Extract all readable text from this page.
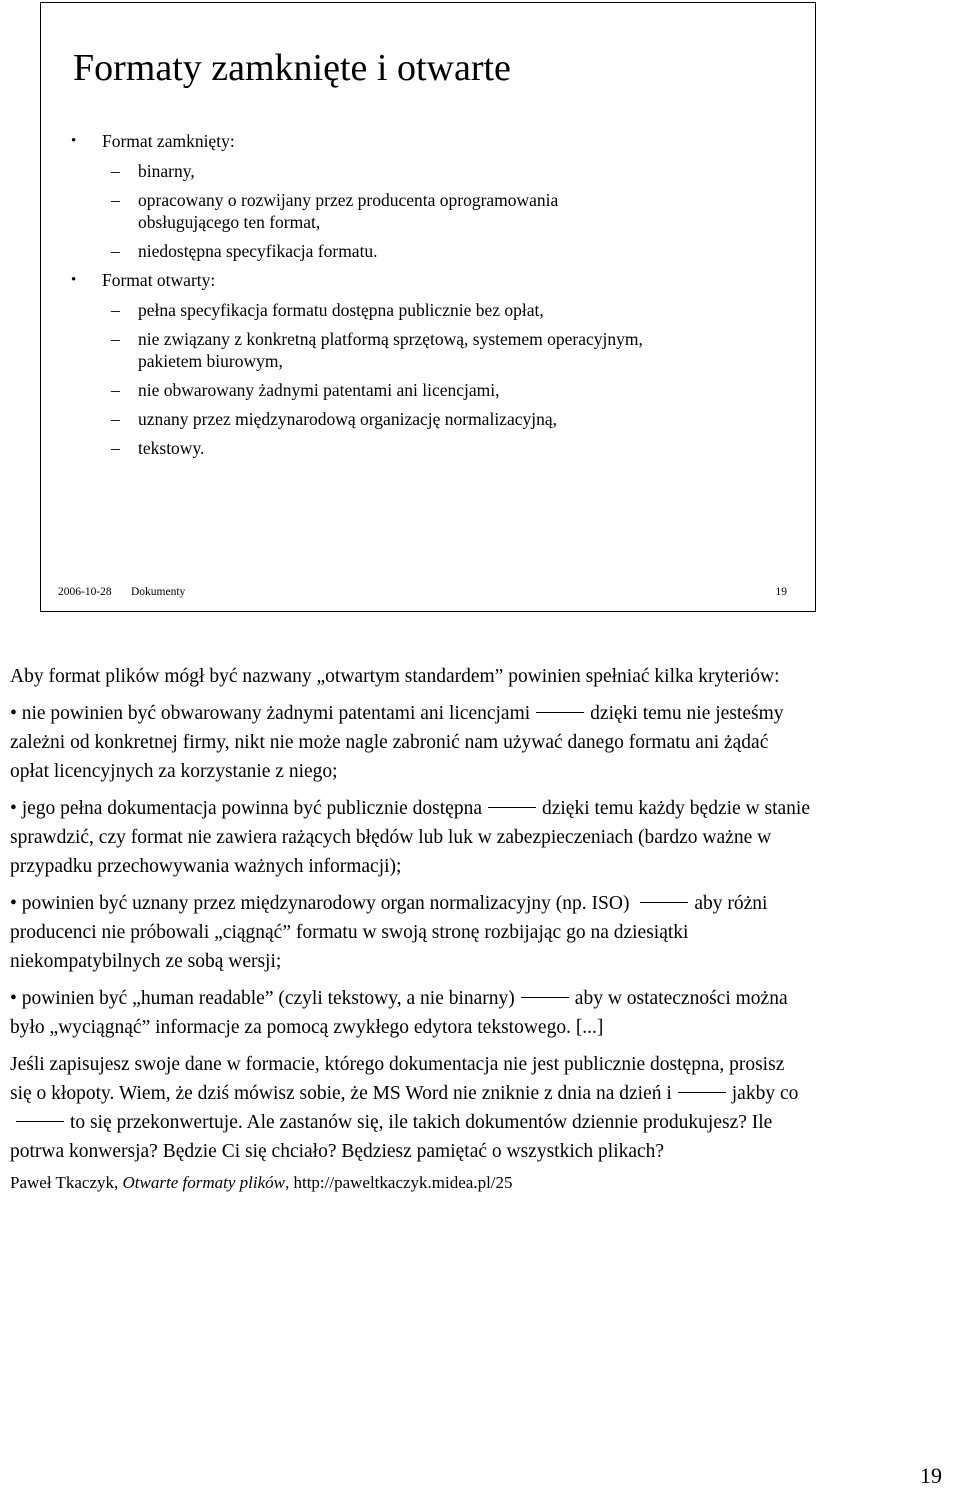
Formaty zamknięte i otwarte
• Format zamknięty:
– binarny,
– opracowany o rozwijany przez producenta oprogramowania
obsługującego ten format,
– niedostępna specyfikacja formatu.
• Format otwarty:
– pełna specyfikacja formatu dostępna publicznie bez opłat,
– nie związany z konkretną platformą sprzętową, systemem operacyjnym,
pakietem biurowym,
– nie obwarowany żadnymi patentami ani licencjami,
– uznany przez międzynarodową organizację normalizacyjną,
– tekstowy.
2006-10-28 Dokumenty	19

Aby format plików mógł być nazwany „otwartym standardem” powinien spełniać kilka kryteriów:

• nie powinien być obwarowany żadnymi patentami ani licencjami	dzięki temu nie jesteśmy zależni od konkretnej firmy, nikt nie może nagle zabronić nam używać danego formatu ani żądać opłat licencyjnych za korzystanie z niego;

• jego pełna dokumentacja powinna być publicznie dostępna	dzięki temu każdy będzie w stanie sprawdzić, czy format nie zawiera rażących błędów lub luk w zabezpieczeniach (bardzo ważne w przypadku przechowywania ważnych informacji);

• powinien być uznany przez międzynarodowy organ normalizacyjny (np. ISO)	aby różni producenci nie próbowali „ciągnąć” formatu w swoją stronę rozbijając go na dziesiątki niekompatybilnych ze sobą wersji;

• powinien być „human readable” (czyli tekstowy, a nie binarny)	aby w ostateczności można było „wyciągnąć” informacje za pomocą zwykłego edytora tekstowego. [...]

Jeśli zapisujesz swoje dane w formacie, którego dokumentacja nie jest publicznie dostępna, prosisz się o kłopoty. Wiem, że dziś mówisz sobie, że MS Word nie zniknie z dnia na dzień i	jakby coto się przekonwertuje. Ale zastanów się, ile takich dokumentów dziennie produkujesz? Ile potrwa konwersja? Będzie Ci się chciało? Będziesz pamiętać o wszystkich plikach?

Paweł Tkaczyk, Otwarte formaty plików, http://paweltkaczyk.midea.pl/25

19
